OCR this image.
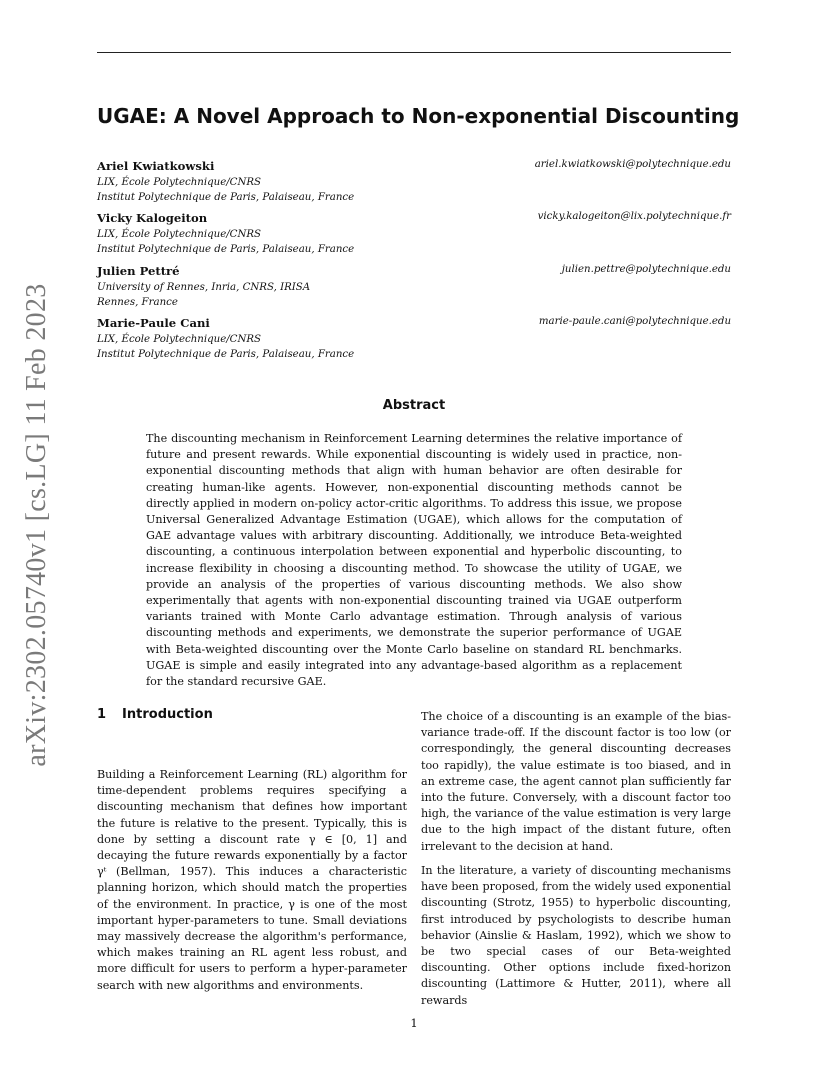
arXiv:2302.05740v1 [cs.LG] 11 Feb 2023
UGAE: A Novel Approach to Non-exponential Discounting
Ariel Kwiatkowski	ariel.kwiatkowski@polytechnique.edu
LIX, École Polytechnique/CNRS
Institut Polytechnique de Paris, Palaiseau, France
Vicky Kalogeiton	vicky.kalogeiton@lix.polytechnique.fr
LIX, École Polytechnique/CNRS
Institut Polytechnique de Paris, Palaiseau, France
Julien Pettré	julien.pettre@polytechnique.edu
University of Rennes, Inria, CNRS, IRISA
Rennes, France
Marie-Paule Cani	marie-paule.cani@polytechnique.edu
LIX, École Polytechnique/CNRS
Institut Polytechnique de Paris, Palaiseau, France
Abstract

The discounting mechanism in Reinforcement Learning determines the relative importance of future and present rewards. While exponential discounting is widely used in practice, non-exponential discounting methods that align with human behavior are often desirable for creating human-like agents. However, non-exponential discounting methods cannot be directly applied in modern on-policy actor-critic algorithms. To address this issue, we propose Universal Generalized Advantage Estimation (UGAE), which allows for the computation of GAE advantage values with arbitrary discounting. Additionally, we introduce Beta-weighted discounting, a continuous interpolation between exponential and hyperbolic discounting, to increase flexibility in choosing a discounting method. To showcase the utility of UGAE, we provide an analysis of the properties of various discounting methods. We also show experimentally that agents with non-exponential discounting trained via UGAE outperform variants trained with Monte Carlo advantage estimation. Through analysis of various discounting methods and experiments, we demonstrate the superior performance of UGAE with Beta-weighted discounting over the Monte Carlo baseline on standard RL benchmarks. UGAE is simple and easily integrated into any advantage-based algorithm as a replacement for the standard recursive GAE.

1 Introduction

Building a Reinforcement Learning (RL) algorithm for time-dependent problems requires specifying a discounting mechanism that defines how important the future is relative to the present. Typically, this is done by setting a discount rate γ ∈ [0, 1] and decaying the future rewards exponentially by a factor γᵗ (Bellman, 1957). This induces a characteristic planning horizon, which should match the properties of the environment. In practice, γ is one of the most important hyper-parameters to tune. Small deviations may massively decrease the algorithm's performance, which makes training an RL agent less robust, and more difficult for users to perform a hyper-parameter search with new algorithms and environments.

The choice of a discounting is an example of the bias-variance trade-off. If the discount factor is too low (or correspondingly, the general discounting decreases too rapidly), the value estimate is too biased, and in an extreme case, the agent cannot plan sufficiently far into the future. Conversely, with a discount factor too high, the variance of the value estimation is very large due to the high impact of the distant future, often irrelevant to the decision at hand.

In the literature, a variety of discounting mechanisms have been proposed, from the widely used exponential discounting (Strotz, 1955) to hyperbolic discounting, first introduced by psychologists to describe human behavior (Ainslie & Haslam, 1992), which we show to be two special cases of our Beta-weighted discounting. Other options include fixed-horizon discounting (Lattimore & Hutter, 2011), where all rewards

1
